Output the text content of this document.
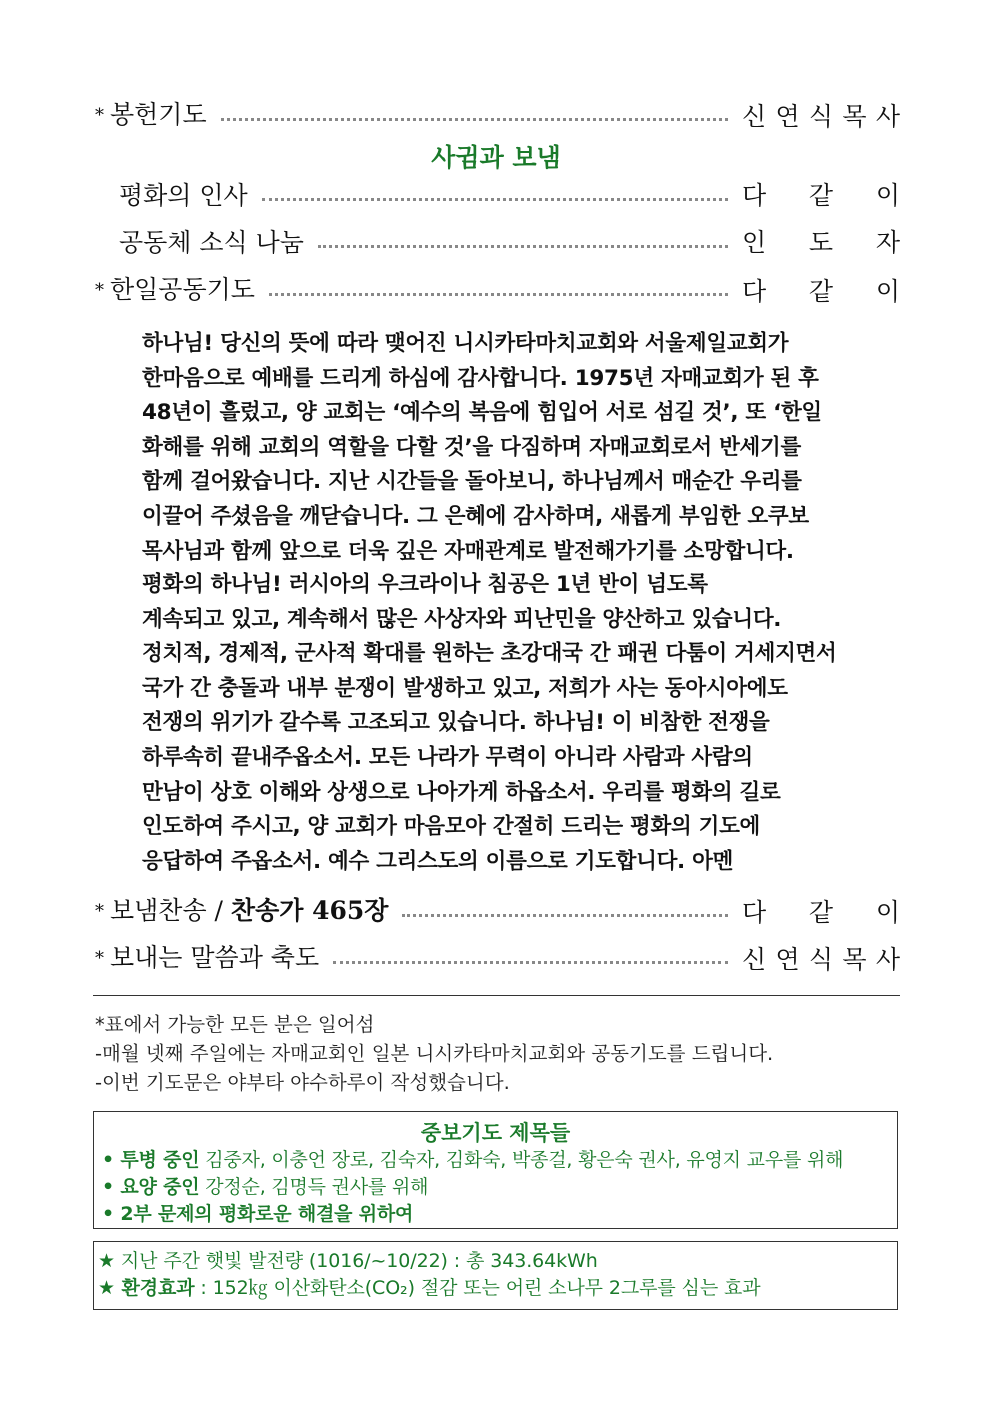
* 봉헌기도	신 연 식 목 사
사귐과 보냄
평화의 인사	다 같 이
공동체 소식 나눔	인 도 자
* 한일공동기도	다 같 이
하나님! 당신의 뜻에 따라 맺어진 니시카타마치교회와 서울제일교회가
한마음으로 예배를 드리게 하심에 감사합니다. 1975년 자매교회가 된 후
48년이 흘렀고, 양 교회는 ‘예수의 복음에 힘입어 서로 섬길 것’, 또 ‘한일
화해를 위해 교회의 역할을 다할 것’을 다짐하며 자매교회로서 반세기를
함께 걸어왔습니다. 지난 시간들을 돌아보니, 하나님께서 매순간 우리를
이끌어 주셨음을 깨닫습니다. 그 은혜에 감사하며, 새롭게 부임한 오쿠보
목사님과 함께 앞으로 더욱 깊은 자매관계로 발전해가기를 소망합니다.
평화의 하나님! 러시아의 우크라이나 침공은 1년 반이 넘도록
계속되고 있고, 계속해서 많은 사상자와 피난민을 양산하고 있습니다.
정치적, 경제적, 군사적 확대를 원하는 초강대국 간 패권 다툼이 거세지면서
국가 간 충돌과 내부 분쟁이 발생하고 있고, 저희가 사는 동아시아에도
전쟁의 위기가 갈수록 고조되고 있습니다. 하나님! 이 비참한 전쟁을
하루속히 끝내주옵소서. 모든 나라가 무력이 아니라 사람과 사람의
만남이 상호 이해와 상생으로 나아가게 하옵소서. 우리를 평화의 길로
인도하여 주시고, 양 교회가 마음모아 간절히 드리는 평화의 기도에
응답하여 주옵소서. 예수 그리스도의 이름으로 기도합니다. 아멘
* 보냄찬송 / 찬송가 465장	다 같 이
* 보내는 말씀과 축도	신 연 식 목 사
*표에서 가능한 모든 분은 일어섬
-매월 넷째 주일에는 자매교회인 일본 니시카타마치교회와 공동기도를 드립니다.
-이번 기도문은 야부타 야수하루이 작성했습니다.
중보기도 제목들
• 투병 중인 김중자, 이충언 장로, 김숙자, 김화숙, 박종걸, 황은숙 권사, 유영지 교우를 위해
• 요양 중인 강정순, 김명득 권사를 위해
• 2부 문제의 평화로운 해결을 위하여
★ 지난 주간 햇빛 발전량 (1016/~10/22) : 총 343.64kWh
★ 환경효과 : 152㎏ 이산화탄소(CO₂) 절감 또는 어린 소나무 2그루를 심는 효과
